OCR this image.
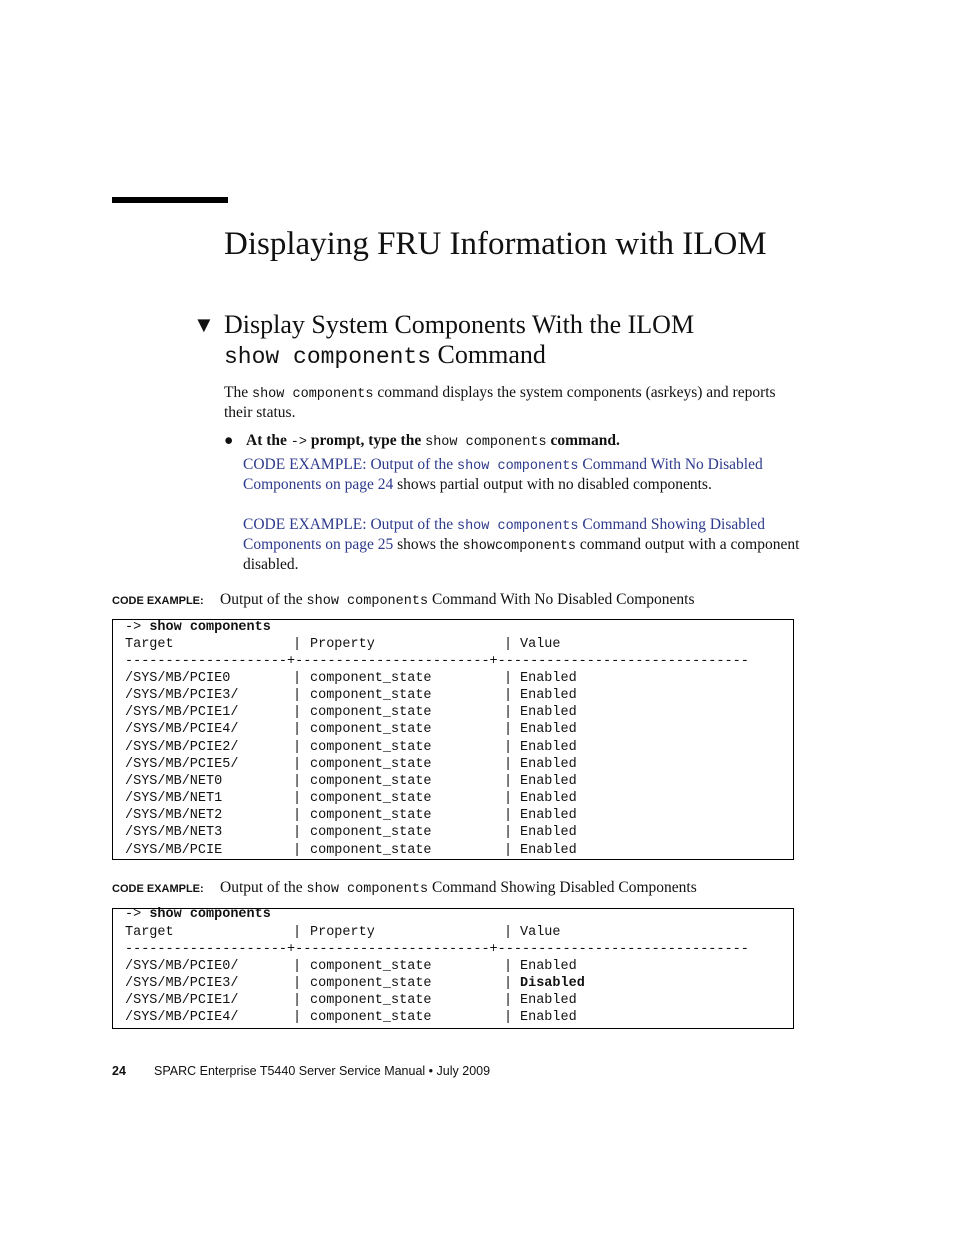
Displaying FRU Information with ILOM
▼ Display System Components With the ILOM
show components Command

The show components command displays the system components (asrkeys) and reports their status.

● At the -> prompt, type the show components command.

CODE EXAMPLE: Output of the show components Command With No Disabled Components on page 24 shows partial output with no disabled components.

CODE EXAMPLE: Output of the show components Command Showing Disabled Components on page 25 shows the showcomponents command output with a component disabled.

CODE EXAMPLE: Output of the show components Command With No Disabled Components
-> show components
Target	| Property	| Value
--------------------+------------------------+-------------------------------
/SYS/MB/PCIE0	| component_state	| Enabled
/SYS/MB/PCIE3/	| component_state	| Enabled
/SYS/MB/PCIE1/	| component_state	| Enabled
/SYS/MB/PCIE4/	| component_state	| Enabled
/SYS/MB/PCIE2/	| component_state	| Enabled
/SYS/MB/PCIE5/	| component_state	| Enabled
/SYS/MB/NET0	| component_state	| Enabled
/SYS/MB/NET1	| component_state	| Enabled
/SYS/MB/NET2	| component_state	| Enabled
/SYS/MB/NET3	| component_state	| Enabled
/SYS/MB/PCIE	| component_state	| Enabled
CODE EXAMPLE: Output of the show components Command Showing Disabled Components
-> show components
Target	| Property	| Value
--------------------+------------------------+-------------------------------
/SYS/MB/PCIE0/	| component_state	| Enabled
/SYS/MB/PCIE3/	| component_state	| Disabled
/SYS/MB/PCIE1/	| component_state	| Enabled
/SYS/MB/PCIE4/	| component_state	| Enabled
24 SPARC Enterprise T5440 Server Service Manual • July 2009
